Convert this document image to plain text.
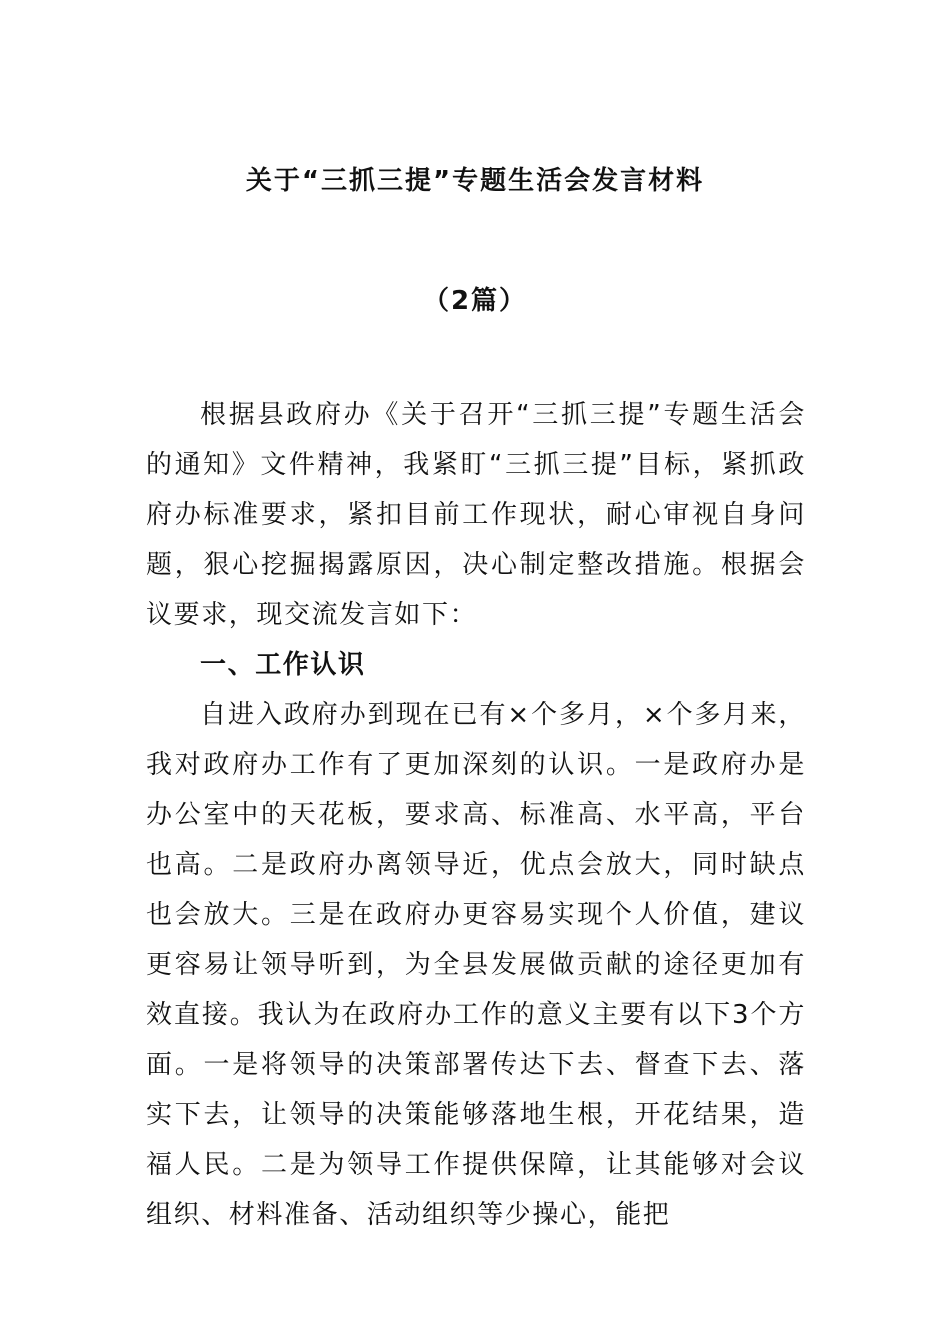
关于“三抓三提”专题生活会发言材料
（2篇）

根据县政府办《关于召开“三抓三提”专题生活会的通知》文件精神，我紧盯“三抓三提”目标，紧抓政府办标准要求，紧扣目前工作现状，耐心审视自身问题，狠心挖掘揭露原因，决心制定整改措施。根据会议要求，现交流发言如下：

一、工作认识

自进入政府办到现在已有×个多月，×个多月来，我对政府办工作有了更加深刻的认识。一是政府办是办公室中的天花板，要求高、标准高、水平高，平台也高。二是政府办离领导近，优点会放大，同时缺点也会放大。三是在政府办更容易实现个人价值，建议更容易让领导听到，为全县发展做贡献的途径更加有效直接。我认为在政府办工作的意义主要有以下3个方面。一是将领导的决策部署传达下去、督查下去、落实下去，让领导的决策能够落地生根，开花结果，造福人民。二是为领导工作提供保障，让其能够对会议组织、材料准备、活动组织等少操心，能把
